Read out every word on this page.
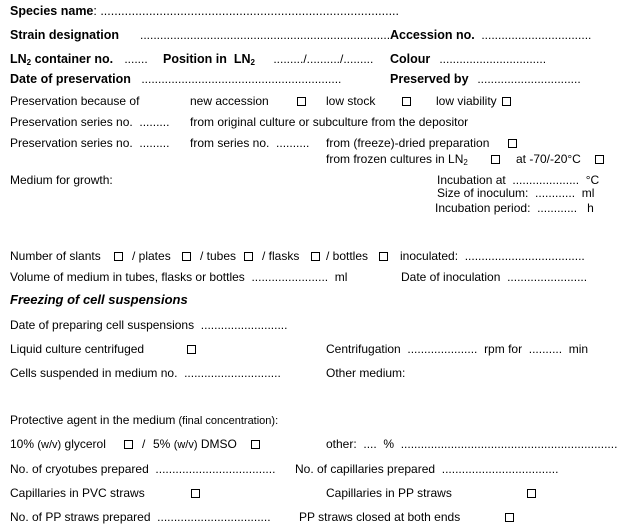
Species name: ......................................................................................
Strain designation ........................................................................... Accession no. .................................
$LN_2$ container no. ....... Position in  $LN_2$ ........./........../......... Colour ................................
Date of preservation ............................................................	Preserved by ...............................
Preservation because of	new accession	low stock	low viability
Preservation series no.  ......... from original culture or subculture from the depositor
Preservation series no.  ......... from series no.  .......... from (freeze)-dried preparation
from frozen cultures in $LN_2$	at -70/-20°C
Medium for growth:	Incubation at  ....................  °C
Size of inoculum:  ............  ml
Incubation period:  ............   h
Number of slants	/ plates / tubes / flasks / bottles	inoculated:  ....................................
Volume of medium in tubes, flasks or bottles  .......................  ml	Date of inoculation  ........................
Freezing of cell suspensions
Date of preparing cell suspensions  ..........................
Liquid culture centrifuged	Centrifugation  .....................  rpm for  ..........  min
Cells suspended in medium no.  .............................	Other medium:
Protective agent in the medium (final concentration):
10% (w/v) glycerol	/ 5% (w/v) DMSO	other:  ....  %  .................................................................
No. of cryotubes prepared  .................................... No. of capillaries prepared  ...................................
Capillaries in PVC straws	Capillaries in PP straws
No. of PP straws prepared  .................................. PP straws closed at both ends
